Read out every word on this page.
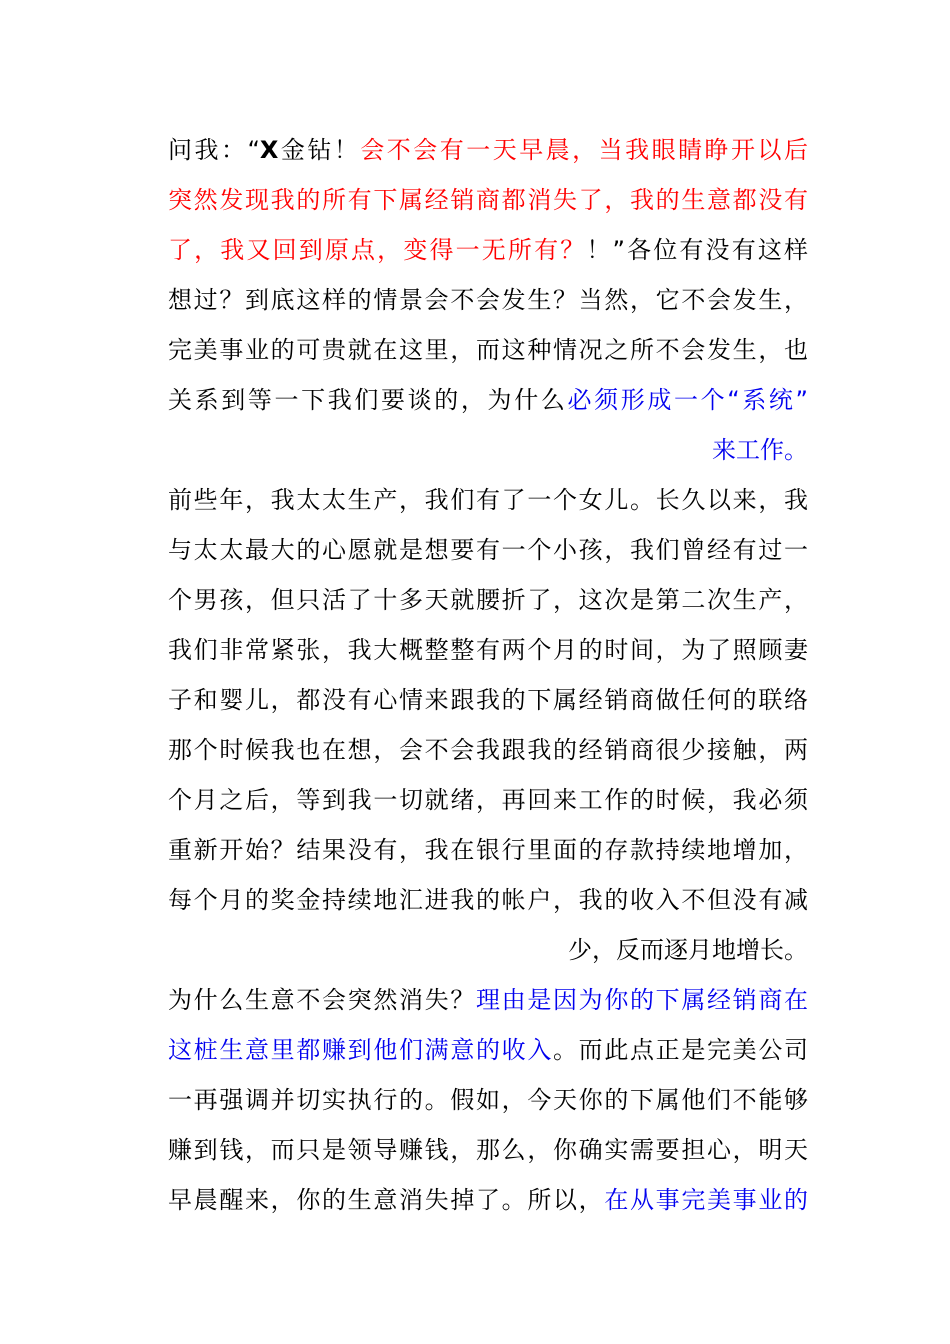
问我：“X金钻！会不会有一天早晨，当我眼睛睁开以后
突然发现我的所有下属经销商都消失了，我的生意都没有
了，我又回到原点，变得一无所有？！”各位有没有这样
想过？到底这样的情景会不会发生？当然，它不会发生，
完美事业的可贵就在这里，而这种情况之所不会发生，也
关系到等一下我们要谈的，为什么必须形成一个“系统”
来工作。
前些年，我太太生产，我们有了一个女儿。长久以来，我
与太太最大的心愿就是想要有一个小孩，我们曾经有过一
个男孩，但只活了十多天就腰折了，这次是第二次生产，
我们非常紧张，我大概整整有两个月的时间，为了照顾妻
子和婴儿，都没有心情来跟我的下属经销商做任何的联络
那个时候我也在想，会不会我跟我的经销商很少接触，两
个月之后，等到我一切就绪，再回来工作的时候，我必须
重新开始？结果没有，我在银行里面的存款持续地增加，
每个月的奖金持续地汇进我的帐户，我的收入不但没有减
少，反而逐月地增长。
为什么生意不会突然消失？理由是因为你的下属经销商在
这桩生意里都赚到他们满意的收入。而此点正是完美公司
一再强调并切实执行的。假如，今天你的下属他们不能够
赚到钱，而只是领导赚钱，那么，你确实需要担心，明天
早晨醒来，你的生意消失掉了。所以，在从事完美事业的
